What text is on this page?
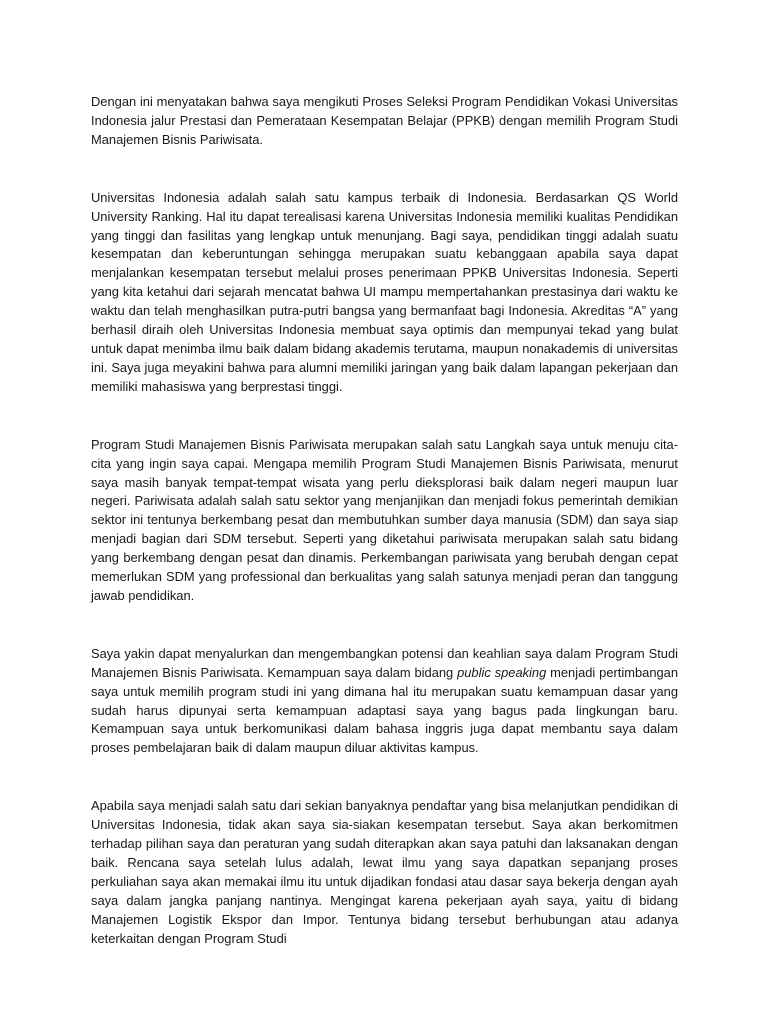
Dengan ini menyatakan bahwa saya mengikuti Proses Seleksi Program Pendidikan Vokasi Universitas Indonesia jalur Prestasi dan Pemerataan Kesempatan Belajar (PPKB) dengan memilih Program Studi Manajemen Bisnis Pariwisata.

Universitas Indonesia adalah salah satu kampus terbaik di Indonesia. Berdasarkan QS World University Ranking. Hal itu dapat terealisasi karena Universitas Indonesia memiliki kualitas Pendidikan yang tinggi dan fasilitas yang lengkap untuk menunjang. Bagi saya, pendidikan tinggi adalah suatu kesempatan dan keberuntungan sehingga merupakan suatu kebanggaan apabila saya dapat menjalankan kesempatan tersebut melalui proses penerimaan PPKB Universitas Indonesia. Seperti yang kita ketahui dari sejarah mencatat bahwa UI mampu mempertahankan prestasinya dari waktu ke waktu dan telah menghasilkan putra-putri bangsa yang bermanfaat bagi Indonesia. Akreditas “A” yang berhasil diraih oleh Universitas Indonesia membuat saya optimis dan mempunyai tekad yang bulat untuk dapat menimba ilmu baik dalam bidang akademis terutama, maupun nonakademis di universitas ini. Saya juga meyakini bahwa para alumni memiliki jaringan yang baik dalam lapangan pekerjaan dan memiliki mahasiswa yang berprestasi tinggi.

Program Studi Manajemen Bisnis Pariwisata merupakan salah satu Langkah saya untuk menuju cita-cita yang ingin saya capai. Mengapa memilih Program Studi Manajemen Bisnis Pariwisata, menurut saya masih banyak tempat-tempat wisata yang perlu dieksplorasi baik dalam negeri maupun luar negeri. Pariwisata adalah salah satu sektor yang menjanjikan dan menjadi fokus pemerintah demikian sektor ini tentunya berkembang pesat dan membutuhkan sumber daya manusia (SDM) dan saya siap menjadi bagian dari SDM tersebut. Seperti yang diketahui pariwisata merupakan salah satu bidang yang berkembang dengan pesat dan dinamis. Perkembangan pariwisata yang berubah dengan cepat memerlukan SDM yang professional dan berkualitas yang salah satunya menjadi peran dan tanggung jawab pendidikan.

Saya yakin dapat menyalurkan dan mengembangkan potensi dan keahlian saya dalam Program Studi Manajemen Bisnis Pariwisata. Kemampuan saya dalam bidang public speaking menjadi pertimbangan saya untuk memilih program studi ini yang dimana hal itu merupakan suatu kemampuan dasar yang sudah harus dipunyai serta kemampuan adaptasi saya yang bagus pada lingkungan baru. Kemampuan saya untuk berkomunikasi dalam bahasa inggris juga dapat membantu saya dalam proses pembelajaran baik di dalam maupun diluar aktivitas kampus.

Apabila saya menjadi salah satu dari sekian banyaknya pendaftar yang bisa melanjutkan pendidikan di Universitas Indonesia, tidak akan saya sia-siakan kesempatan tersebut. Saya akan berkomitmen terhadap pilihan saya dan peraturan yang sudah diterapkan akan saya patuhi dan laksanakan dengan baik. Rencana saya setelah lulus adalah, lewat ilmu yang saya dapatkan sepanjang proses perkuliahan saya akan memakai ilmu itu untuk dijadikan fondasi atau dasar saya bekerja dengan ayah saya dalam jangka panjang nantinya. Mengingat karena pekerjaan ayah saya, yaitu di bidang Manajemen Logistik Ekspor dan Impor. Tentunya bidang tersebut berhubungan atau adanya keterkaitan dengan Program Studi
